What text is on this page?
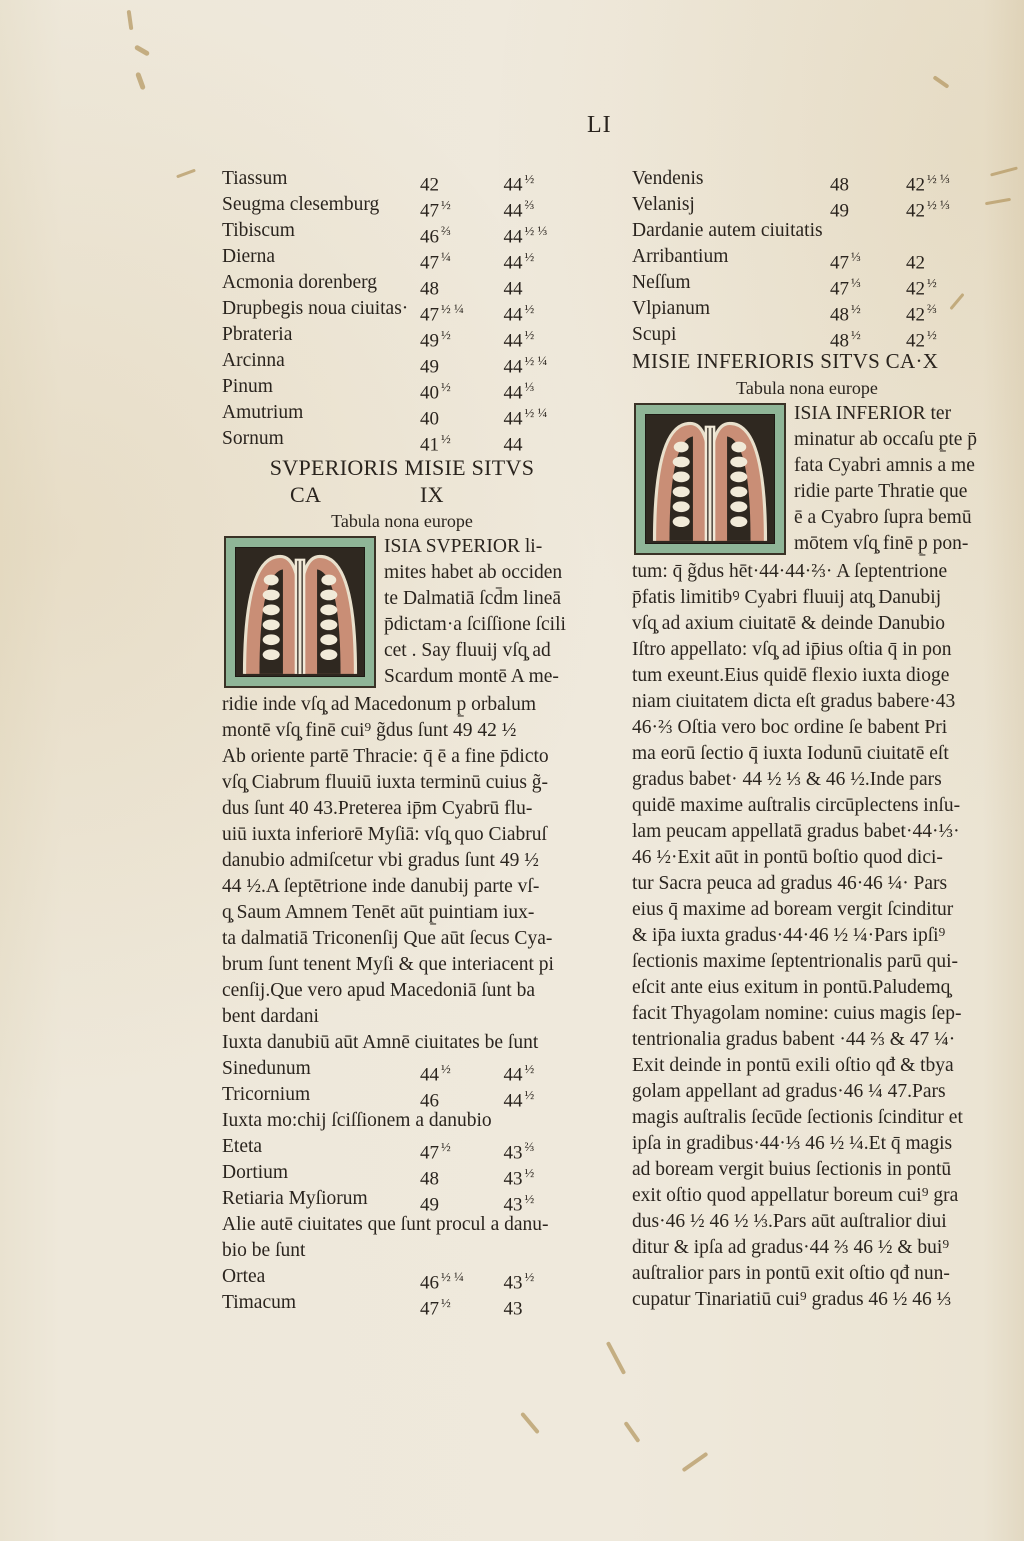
LI
Tiassum	42	44 $^{\frac{1}{2}}$
Seugma clesemburg	47 $^{\frac{1}{2}}$	44 $^{\frac{2}{3}}$
Tibiscum	46 $^{\frac{2}{3}}$	44 $^{\frac{1}{2} \frac{1}{3}}$
Dierna	47 $^{\frac{1}{4}}$	44 $^{\frac{1}{2}}$
Acmonia dorenberg	48	44
Drupbegis noua ciuitas· 47 $^{\frac{1}{2} \frac{1}{4}}$	44 $^{\frac{1}{2}}$
Pbrateria	49 $^{\frac{1}{2}}$	44 $^{\frac{1}{2}}$
Arcinna	49	44 $^{\frac{1}{2} \frac{1}{4}}$
Pinum	40 $^{\frac{1}{2}}$	44 $^{\frac{1}{3}}$
Amutrium	40	44 $^{\frac{1}{2} \frac{1}{4}}$
Sornum	41 $^{\frac{1}{2}}$	44
SVPERIORIS MISIE SITVS
CA	IX
Tabula nona europe
ISIA SVPERIOR li-
mites habet ab occiden
te Dalmatiā ſcd̄m lineā
p̄dictam·a ſciſſione ſcili
cet . Say fluuij vſq̧ ad
Scardum montē A me-
ridie inde vſq̧ ad Macedonum p̱ orbalum
montē vſq̧ finē cui⁹ g̃dus ſunt 49 42 ½
Ab oriente partē Thracie: q̄ ē a fine p̄dicto
vſq̧ Ciabrum fluuiū iuxta terminū cuius g̃-
dus ſunt 40 43.Preterea ip̄m Cyabrū flu-
uiū iuxta inferiorē Myſiā: vſq̧ quo Ciabruſ
danubio admiſcetur vbi gradus ſunt 49 ½
44 ½.A ſeptētrione inde danubij parte vſ-
q̧ Saum Amnem Tenēt aūt p̱uintiam iux-
ta dalmatiā Triconenſij Que aūt ſecus Cya-
brum ſunt tenent Myſi & que interiacent pi
cenſij.Que vero apud Macedoniā ſunt ba
bent dardani
Iuxta danubiū aūt Amnē ciuitates be ſunt
Sinedunum	44 $^{\frac{1}{2}}$	44 $^{\frac{1}{2}}$
Tricornium	46	44 $^{\frac{1}{2}}$
Iuxta mo:chij ſciſſionem a danubio
Eteta	47 $^{\frac{1}{2}}$	43 $^{\frac{2}{3}}$
Dortium	48	43 $^{\frac{1}{2}}$
Retiaria Myſiorum	49	43 $^{\frac{1}{2}}$
Alie autē ciuitates que ſunt procul a danu-
bio be ſunt
Ortea	46 $^{\frac{1}{2} \frac{1}{4}}$	43 $^{\frac{1}{2}}$
Timacum	47 $^{\frac{1}{2}}$	43
Vendenis	48	42 $^{\frac{1}{2} \frac{1}{3}}$
Velanisj	49	42 $^{\frac{1}{2} \frac{1}{3}}$
Dardanie autem ciuitatis
Arribantium	47 $^{\frac{1}{3}}$	42
Neſſum	47 $^{\frac{1}{3}}$	42 $^{\frac{1}{2}}$
Vlpianum	48 $^{\frac{1}{2}}$	42 $^{\frac{2}{3}}$
Scupi	48 $^{\frac{1}{2}}$	42 $^{\frac{1}{2}}$
MISIE INFERIORIS SITVS CA·X
Tabula nona europe
ISIA INFERIOR ter
minatur ab occaſu p̱te p̄
fata Cyabri amnis a me
ridie parte Thratie que
ē a Cyabro ſupra bemū
mōtem vſq̧ finē p̱ pon-
tum: q̄ g̃dus hēt·44·44·⅔· A ſeptentrione
p̄fatis limitibꝰ Cyabri fluuij atq̧ Danubij
vſq̧ ad axium ciuitatē & deinde Danubio
Iſtro appellato: vſq̧ ad ip̄ius oſtia q̄ in pon
tum exeunt.Eius quidē flexio iuxta dioge
niam ciuitatem dicta eſt gradus babere·43
46·⅔ Oſtia vero boc ordine ſe babent Pri
ma eorū ſectio q̄ iuxta Iodunū ciuitatē eſt
gradus babet· 44 ½ ⅓ & 46 ½.Inde pars
quidē maxime auſtralis circūplectens inſu-
lam peucam appellatā gradus babet·44·⅓·
46 ½·Exit aūt in pontū boſtio quod dici-
tur Sacra peuca ad gradus 46·46 ¼· Pars
eius q̄ maxime ad boream vergit ſcinditur
& ip̄a iuxta gradus·44·46 ½ ¼·Pars ipſi⁹
ſectionis maxime ſeptentrionalis parū qui-
eſcit ante eius exitum in pontū.Paludemq̧
facit Thyagolam nomine: cuius magis ſep-
tentrionalia gradus babent ·44 ⅔ & 47 ¼·
Exit deinde in pontū exili oſtio qđ & tbya
golam appellant ad gradus·46 ¼ 47.Pars
magis auſtralis ſecūde ſectionis ſcinditur et
ipſa in gradibus·44·⅓ 46 ½ ¼.Et q̄ magis
ad boream vergit buius ſectionis in pontū
exit oſtio quod appellatur boreum cui⁹ gra
dus·46 ½ 46 ½ ⅓.Pars aūt auſtralior diui
ditur & ipſa ad gradus·44 ⅔ 46 ½ & bui⁹
auſtralior pars in pontū exit oſtio qđ nun-
cupatur Tinariatiū cui⁹ gradus 46 ½ 46 ⅓
